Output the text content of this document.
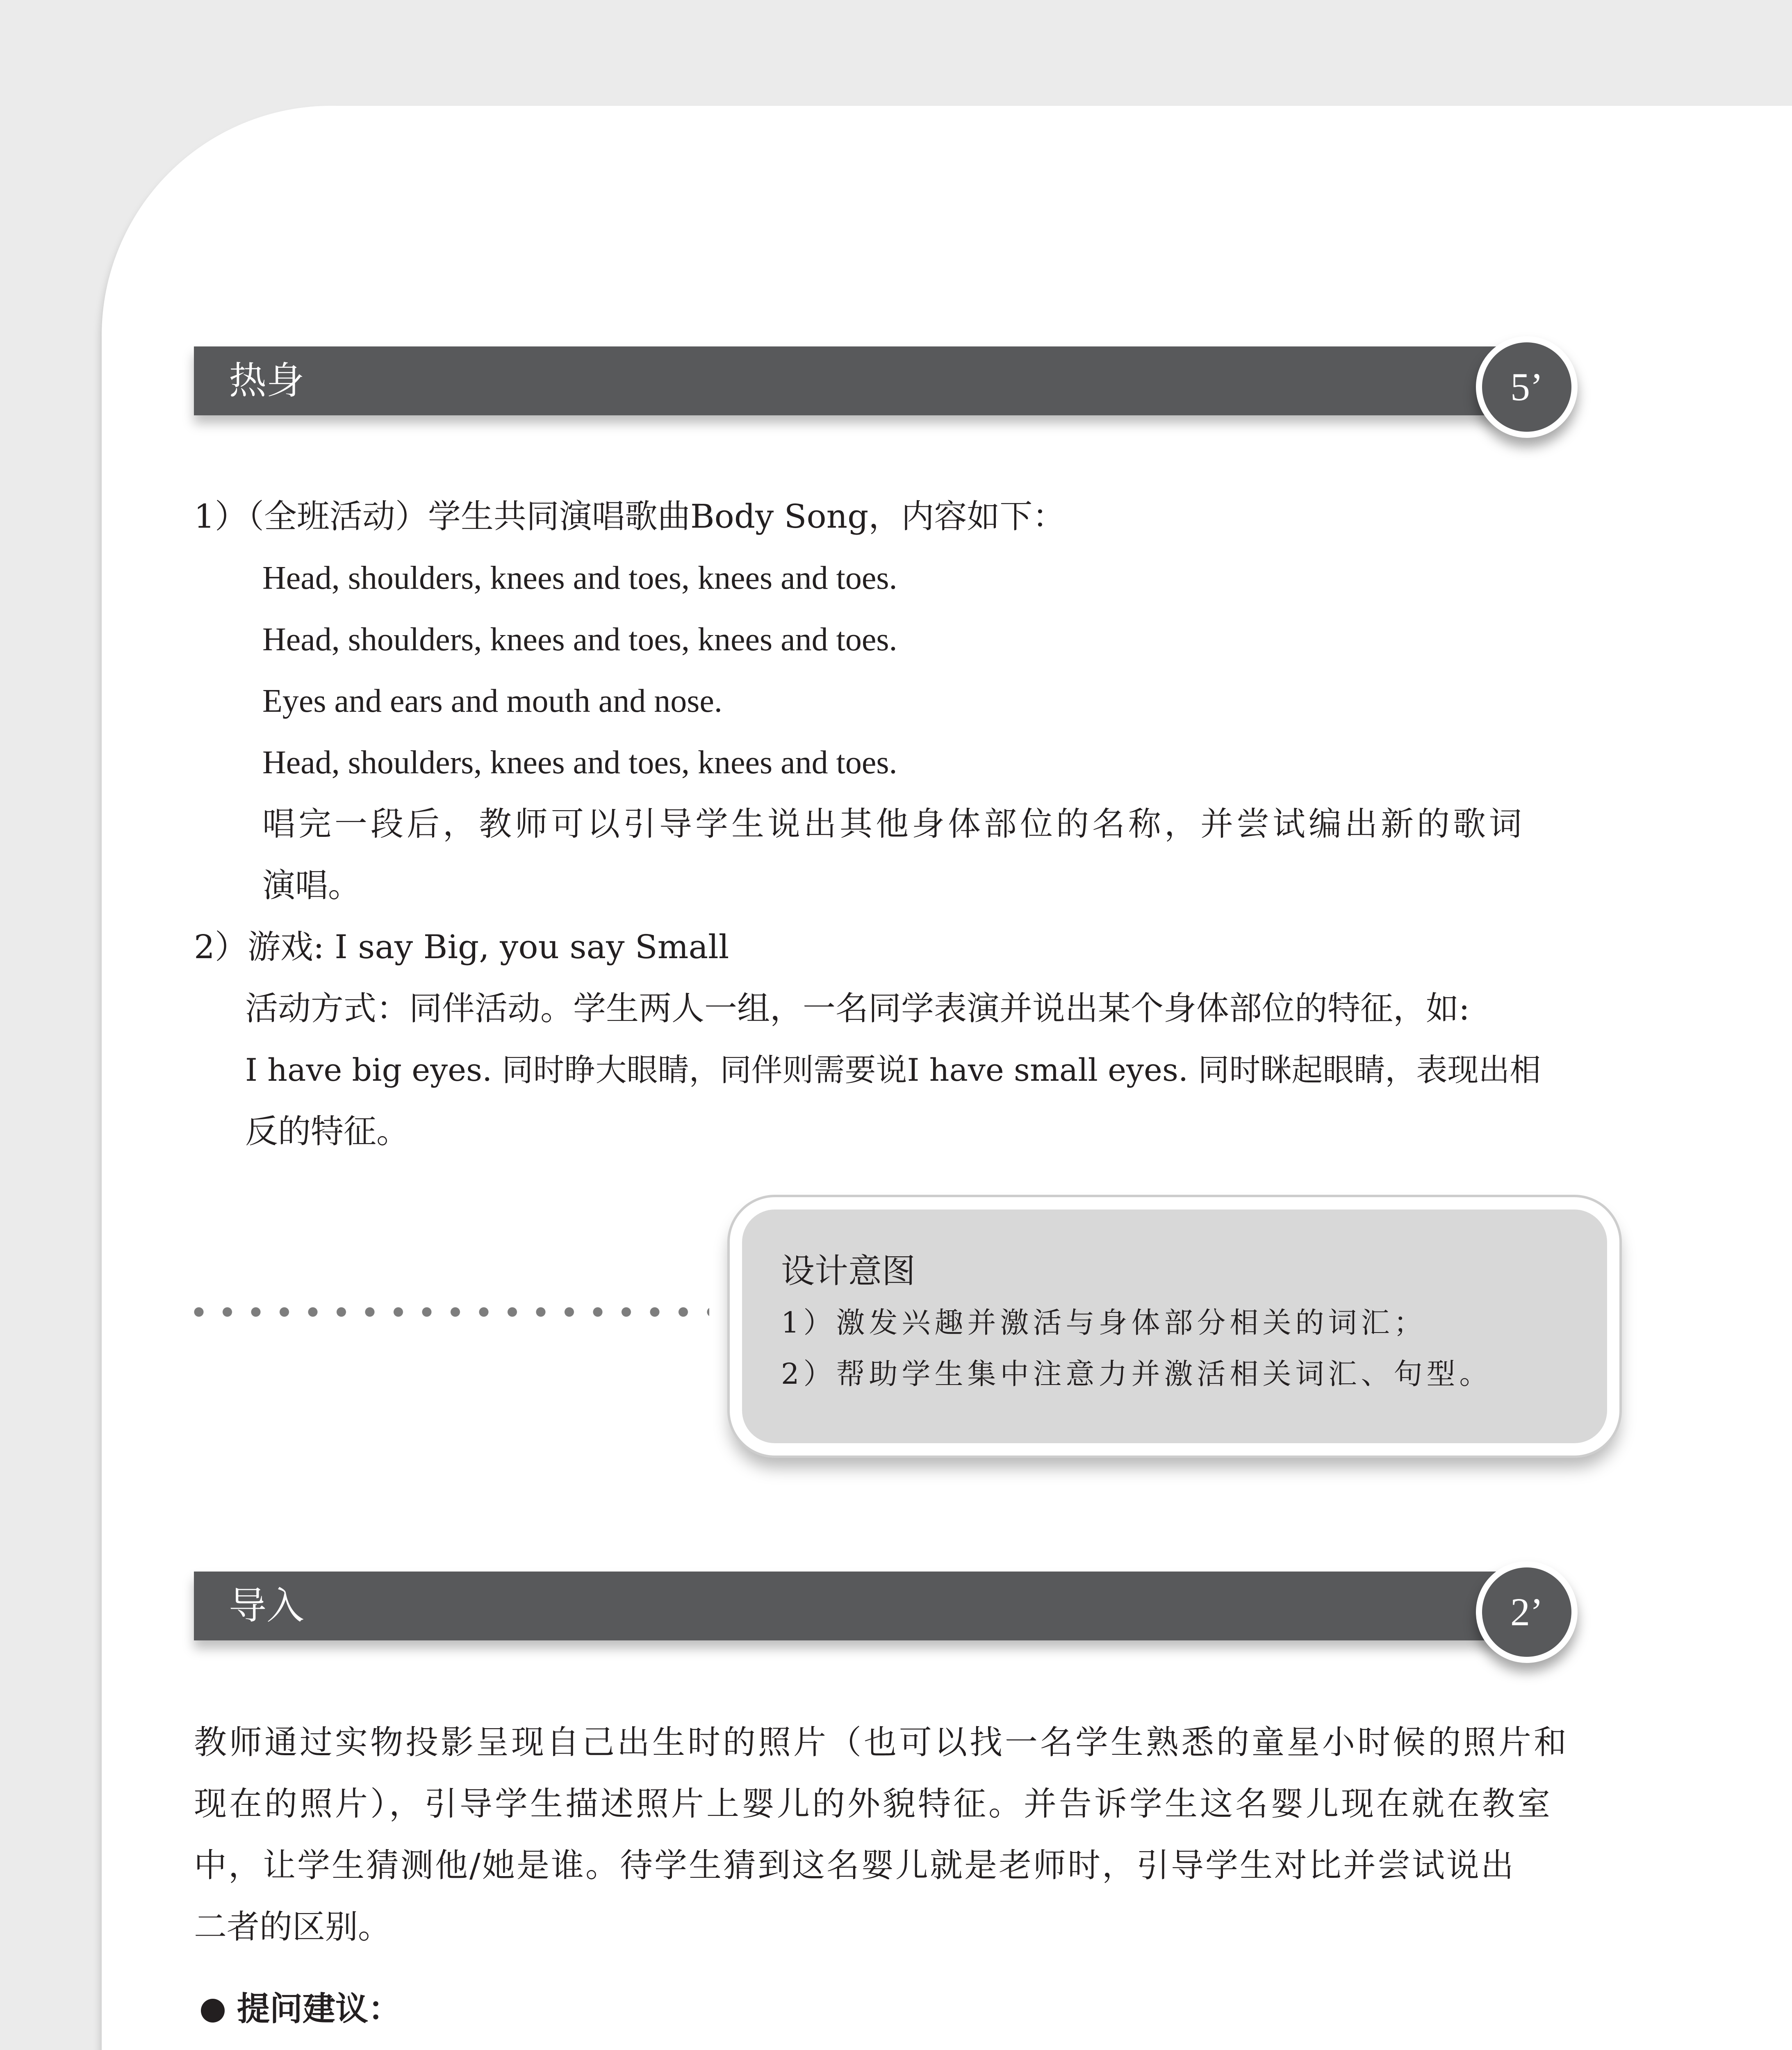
热身	5’
1）（全班活动）学生共同演唱歌曲Body Song，内容如下：
Head, shoulders, knees and toes, knees and toes.
Head, shoulders, knees and toes, knees and toes.
Eyes and ears and mouth and nose.
Head, shoulders, knees and toes, knees and toes.
唱完一段后，教师可以引导学生说出其他身体部位的名称，并尝试编出新的歌词
演唱。
2）游戏: I say Big, you say Small
活动方式：同伴活动。学生两人一组，一名同学表演并说出某个身体部位的特征，如:
I have big eyes. 同时睁大眼睛，同伴则需要说I have small eyes. 同时眯起眼睛，表现出相
反的特征。
设计意图
1）激发兴趣并激活与身体部分相关的词汇；
2）帮助学生集中注意力并激活相关词汇、句型。
导入	2’
教师通过实物投影呈现自己出生时的照片（也可以找一名学生熟悉的童星小时候的照片和
现在的照片），引导学生描述照片上婴儿的外貌特征。并告诉学生这名婴儿现在就在教室
中，让学生猜测他/她是谁。待学生猜到这名婴儿就是老师时，引导学生对比并尝试说出
二者的区别。
提问建议：
